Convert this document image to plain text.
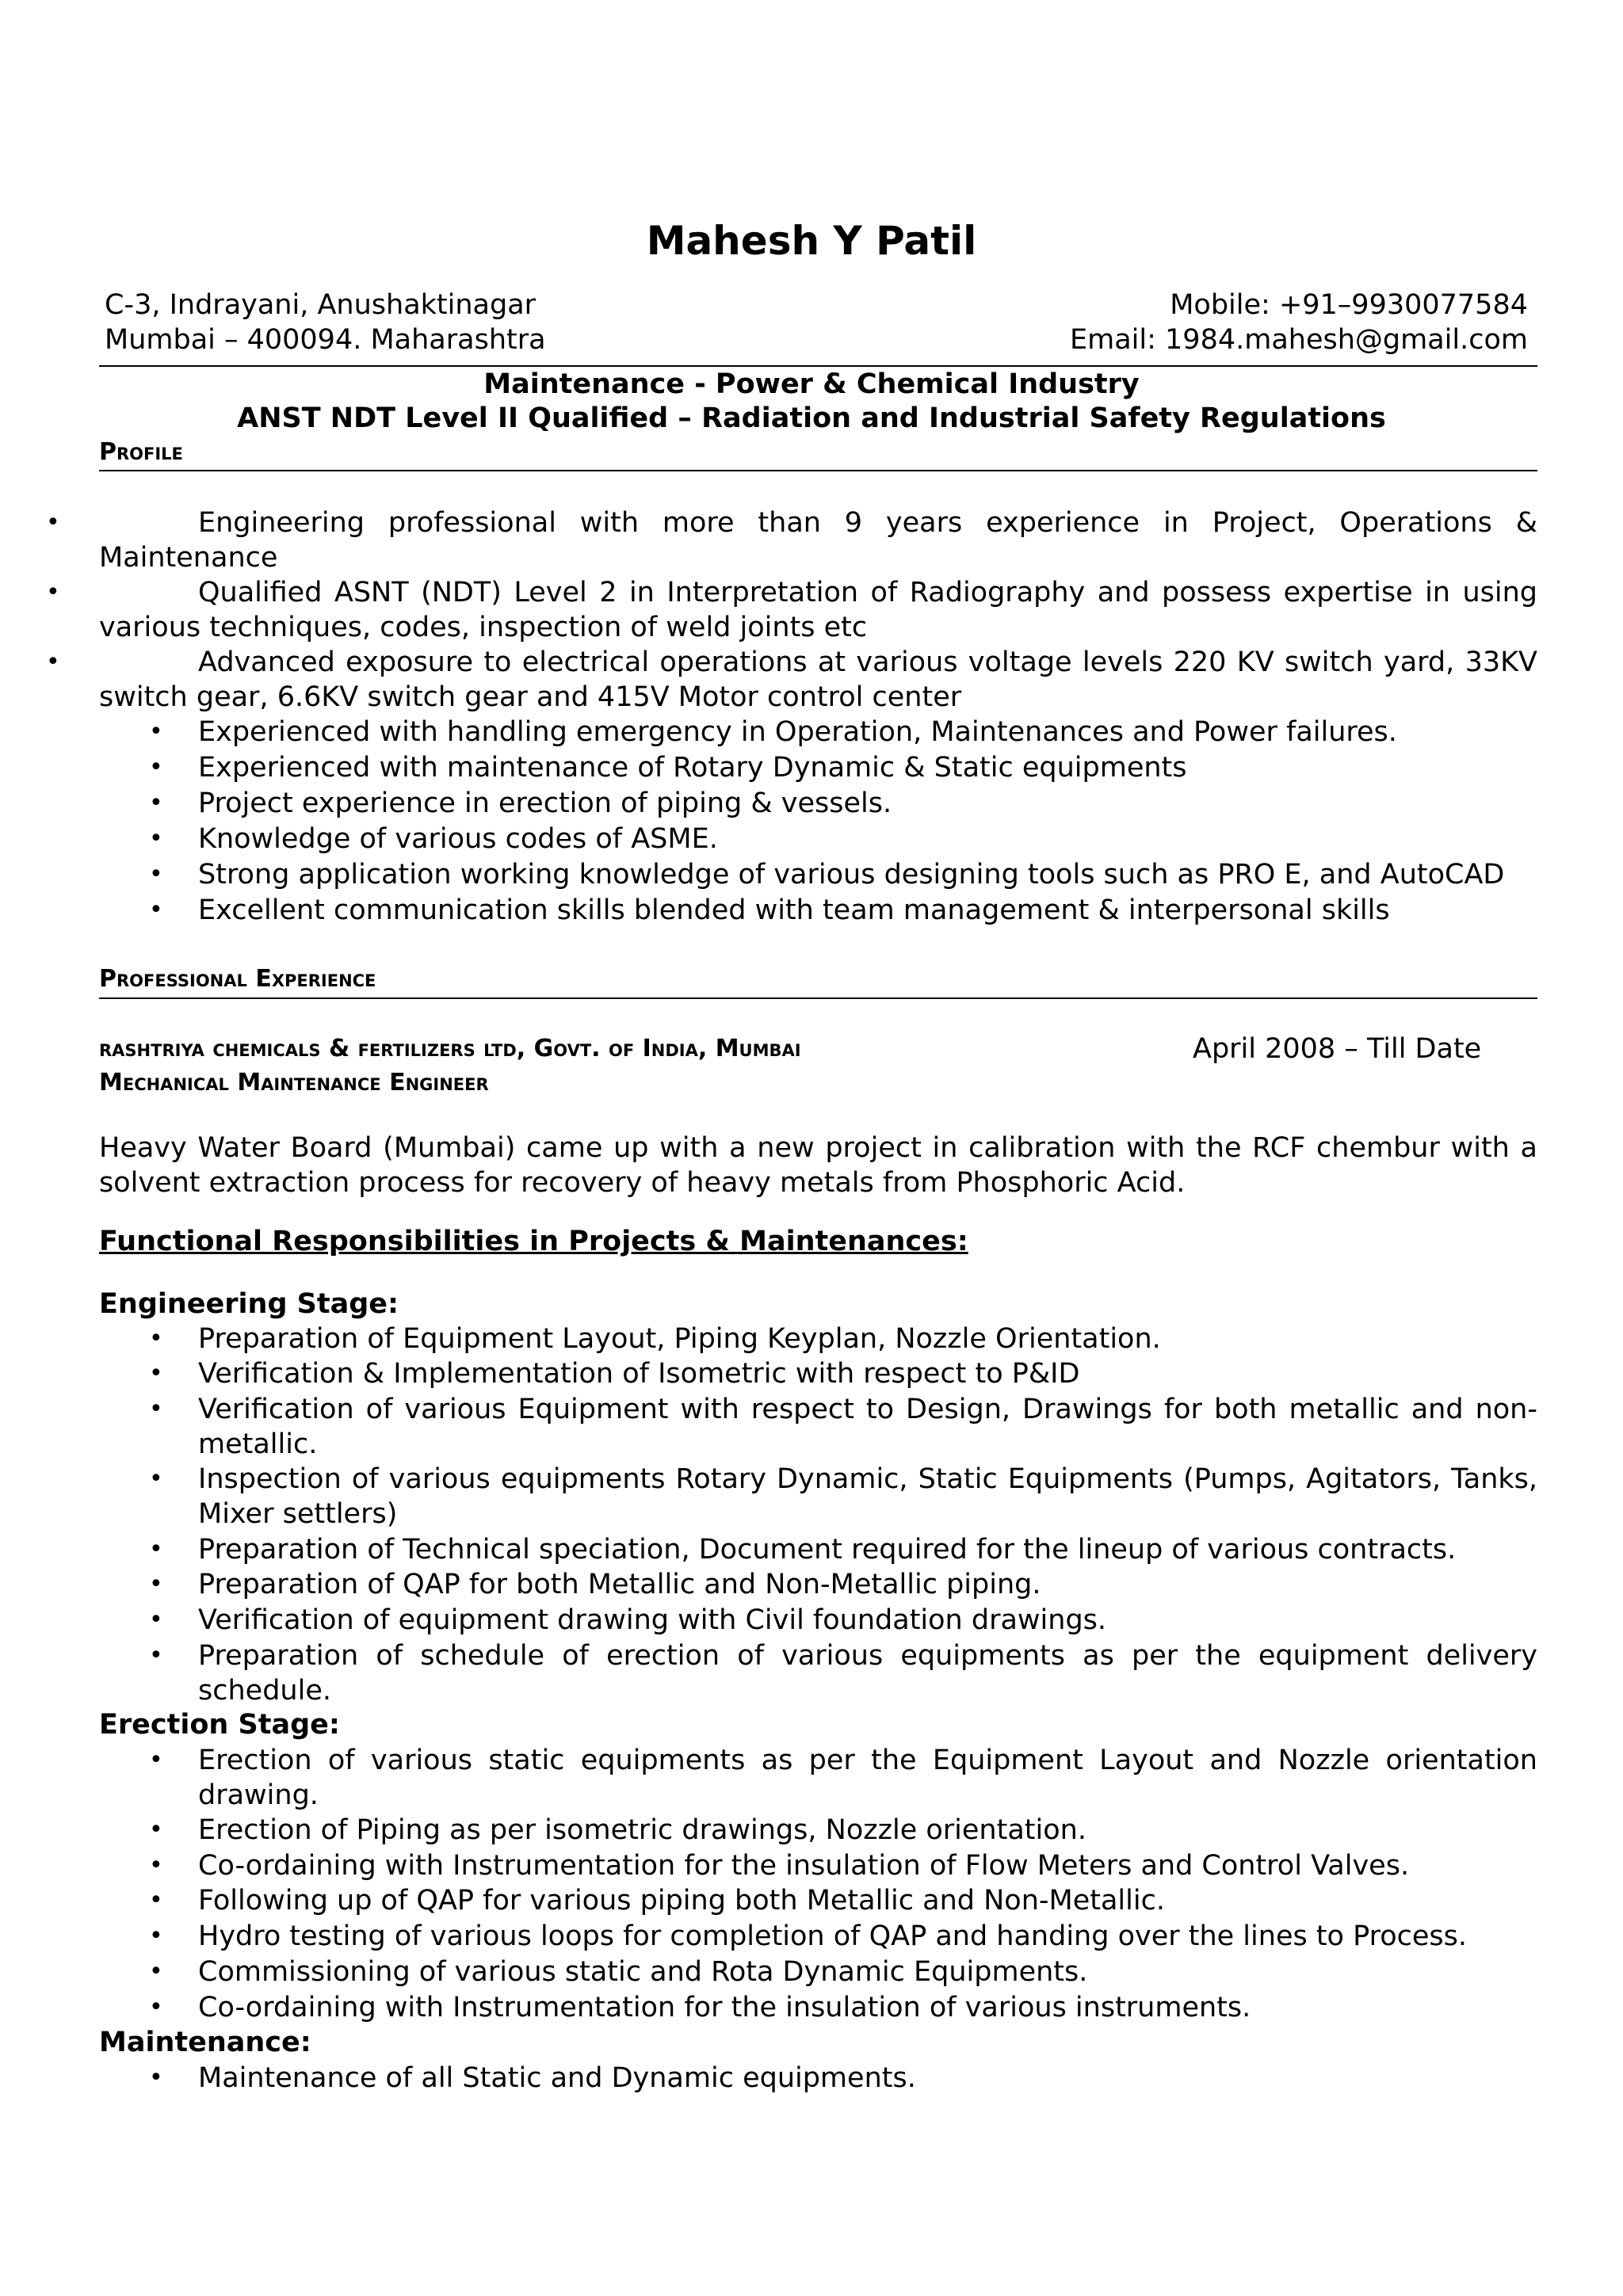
Mahesh Y Patil
C-3, Indrayani, Anushaktinagar
Mumbai – 400094. Maharashtra
Mobile: +91–9930077584
Email: 1984.mahesh@gmail.com
Maintenance - Power & Chemical Industry
ANST NDT Level II Qualified – Radiation and Industrial Safety Regulations
Profile
•	Engineering professional with more than 9 years experience in Project, Operations &
Maintenance
•	Qualified ASNT (NDT) Level 2 in Interpretation of Radiography and possess expertise in using
various techniques, codes, inspection of weld joints etc
•	Advanced exposure to electrical operations at various voltage levels 220 KV switch yard, 33KV
switch gear, 6.6KV switch gear and 415V Motor control center
• Experienced with handling emergency in Operation, Maintenances and Power failures.
• Experienced with maintenance of Rotary Dynamic & Static equipments
• Project experience in erection of piping & vessels.
• Knowledge of various codes of ASME.
• Strong application working knowledge of various designing tools such as PRO E, and AutoCAD
• Excellent communication skills blended with team management & interpersonal skills
Professional Experience
rashtriya chemicals & fertilizers ltd, Govt. of India, Mumbai	April 2008 – Till Date
Mechanical Maintenance Engineer
Heavy Water Board (Mumbai) came up with a new project in calibration with the RCF chembur with a
solvent extraction process for recovery of heavy metals from Phosphoric Acid.
Functional Responsibilities in Projects & Maintenances:
Engineering Stage:
• Preparation of Equipment Layout, Piping Keyplan, Nozzle Orientation.
• Verification & Implementation of Isometric with respect to P&ID
• Verification of various Equipment with respect to Design, Drawings for both metallic and non-
metallic.
• Inspection of various equipments Rotary Dynamic, Static Equipments (Pumps, Agitators, Tanks,
Mixer settlers)
• Preparation of Technical speciation, Document required for the lineup of various contracts.
• Preparation of QAP for both Metallic and Non-Metallic piping.
• Verification of equipment drawing with Civil foundation drawings.
• Preparation of schedule of erection of various equipments as per the equipment delivery
schedule.
Erection Stage:
• Erection of various static equipments as per the Equipment Layout and Nozzle orientation
drawing.
• Erection of Piping as per isometric drawings, Nozzle orientation.
• Co-ordaining with Instrumentation for the insulation of Flow Meters and Control Valves.
• Following up of QAP for various piping both Metallic and Non-Metallic.
• Hydro testing of various loops for completion of QAP and handing over the lines to Process.
• Commissioning of various static and Rota Dynamic Equipments.
• Co-ordaining with Instrumentation for the insulation of various instruments.
Maintenance:
• Maintenance of all Static and Dynamic equipments.
